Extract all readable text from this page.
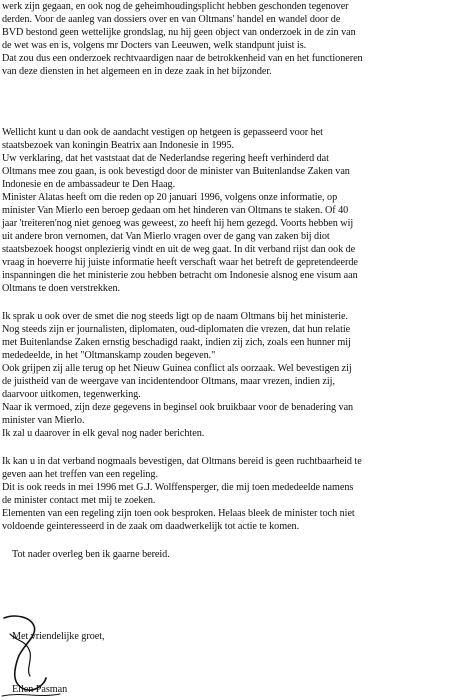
werk zijn gegaan, en ook nog de geheimhoudingsplicht hebben geschonden tegenover
derden. Voor de aanleg van dossiers over en van Oltmans' handel en wandel door de
BVD bestond geen wettelijke grondslag, nu hij geen object van onderzoek in de zin van
de wet was en is, volgens mr Docters van Leeuwen, welk standpunt juist is.
Dat zou dus een onderzoek rechtvaardigen naar de betrokkenheid van en het functioneren
van deze diensten in het algemeen en in deze zaak in het bijzonder.
Wellicht kunt u dan ook de aandacht vestigen op hetgeen is gepasseerd voor het
staatsbezoek van koningin Beatrix aan Indonesie in 1995.
Uw verklaring, dat het vaststaat dat de Nederlandse regering heeft verhinderd dat
Oltmans mee zou gaan, is ook bevestigd door de minister van Buitenlandse Zaken van
Indonesie en de ambassadeur te Den Haag.
Minister Alatas heeft om die reden op 20 januari 1996, volgens onze informatie, op
minister Van Mierlo een beroep gedaan om het hinderen van Oltmans te staken. Of 40
jaar 'treiteren'nog niet genoeg was geweest, zo heeft hij hem gezegd. Voorts hebben wij
uit andere bron vernomen, dat Van Mierlo vragen over de gang van zaken bij diot
staatsbezoek hoogst onplezierig vindt en uit de weg gaat. In dit verband rijst dan ook de
vraag in hoeverre hij juiste informatie heeft verschaft waar het betreft de gepretendeerde
inspanningen die het ministerie zou hebben betracht om Indonesie alsnog ene visum aan
Oltmans te doen verstrekken.
Ik sprak u ook over de smet die nog steeds ligt op de naam Oltmans bij het ministerie.
Nog steeds zijn er journalisten, diplomaten, oud-diplomaten die vrezen, dat hun relatie
met Buitenlandse Zaken ernstig beschadigd raakt, indien zij zich, zoals een hunner mij
mededeelde, in het "Oltmanskamp zouden begeven."
Ook grijpen zij alle terug op het Nieuw Guinea conflict als oorzaak. Wel bevestigen zij
de juistheid van de weergave van incidentendoor Oltmans, maar vrezen, indien zij,
daarvoor uitkomen, tegenwerking.
Naar ik vermoed, zijn deze gegevens in beginsel ook bruikbaar voor de benadering van
minister van Mierlo.
Ik zal u daarover in elk geval nog nader berichten.
Ik kan u in dat verband nogmaals bevestigen, dat Oltmans bereid is geen ruchtbaarheid te
geven aan het treffen van een regeling.
Dit is ook reeds in mei 1996 met G.J. Wolffensperger, die mij toen mededeelde namens
de minister contact met mij te zoeken.
Elementen van een regeling zijn toen ook besproken. Helaas bleek de minister toch niet
voldoende geinteresseerd in de zaak om daadwerkelijk tot actie te komen.
Tot nader overleg ben ik gaarne bereid.
Met vriendelijke groet,
Ellen Pasman
